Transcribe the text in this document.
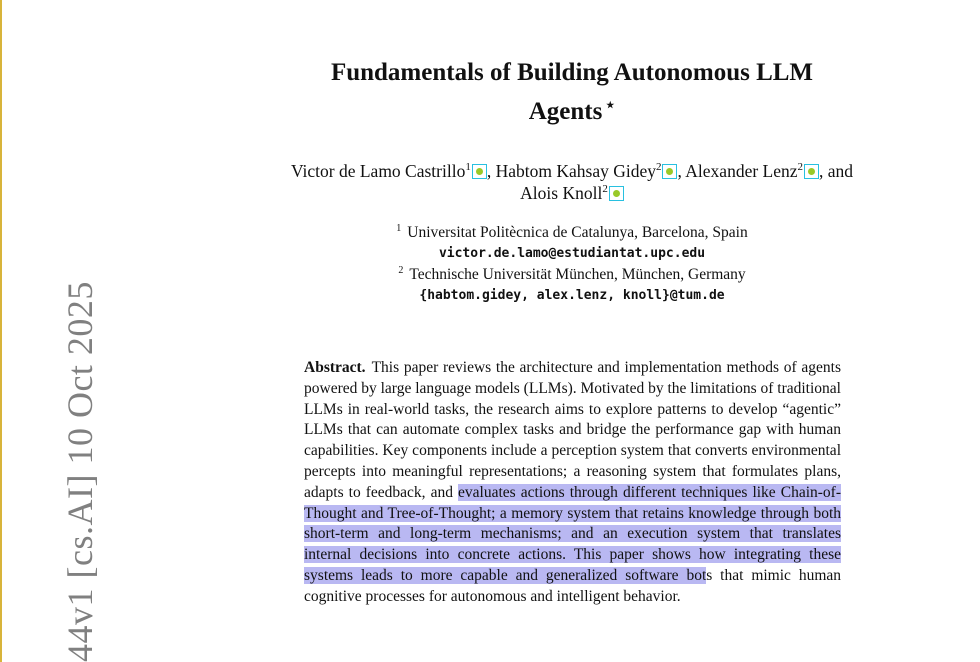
44v1 [cs.AI] 10 Oct 2025
Fundamentals of Building Autonomous LLM
Agents ⋆
Victor de Lamo Castrillo$^1$ , Habtom Kahsay Gidey$^2$ , Alexander Lenz$^2$ , and
Alois Knoll$^2$
$^1$ Universitat Politècnica de Catalunya, Barcelona, Spain
victor.de.lamo@estudiantat.upc.edu
$^2$ Technische Universität München, München, Germany
{habtom.gidey, alex.lenz, knoll}@tum.de
Abstract. This paper reviews the architecture and implementation methods of agents powered by large language models (LLMs). Motivated by the limitations of traditional LLMs in real-world tasks, the research aims to explore patterns to develop “agentic” LLMs that can automate complex tasks and bridge the performance gap with human capabilities. Key components include a perception system that converts environmental percepts into meaningful representations; a reasoning system that formulates plans, adapts to feedback, and evaluates actions through different techniques like Chain-of-Thought and Tree-of-Thought; a memory system that retains knowledge through both short-term and long-term mechanisms; and an execution system that translates internal decisions into concrete actions. This paper shows how integrating these systems leads to more capable and generalized software bots that mimic human cognitive processes for autonomous and intelligent behavior.
